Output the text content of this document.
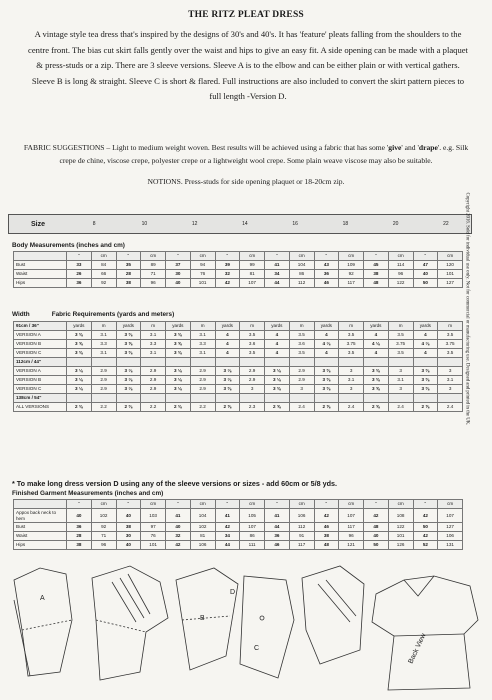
THE RITZ PLEAT DRESS
A vintage style tea dress that's inspired by the designs of 30's and 40's. It has 'feature' pleats falling from the shoulders to the centre front. The bias cut skirt falls gently over the waist and hips to give an easy fit. A side opening can be made with a plaquet & press-studs or a zip. There are 3 sleeve versions. Sleeve A is to the elbow and can be either plain or with vertical gathers. Sleeve B is long & straight. Sleeve C is short & flared. Full instructions are also included to convert the skirt pattern pieces to full length -Version D.
FABRIC SUGGESTIONS – Light to medium weight woven. Best results will be achieved using a fabric that has some 'give' and 'drape'. e.g. Silk crepe de chine, viscose crepe, polyester crepe or a lightweight wool crepe. Some plain weave viscose may also be suitable.
NOTIONS. Press-studs for side opening plaquet or 18-20cm zip.
Size	8	10	12	14	16	18	20	22
Body Measurements (inches and cm)
	"	cm	"	cm	"	cm	"	cm	"	cm	"	cm	"	cm	"	cm
Bust	33	84	35	89	37	94	39	99	41	104	43	109	45	114	47	120
Waist	26	66	28	71	30	76	32	81	34	86	36	92	38	96	40	101
Hips	36	92	38	96	40	101	42	107	44	112	46	117	48	122	50	127
Width	Fabric Requirements (yards and meters)
91cm / 36"	yards	m	yards	m	yards	m	yards	m	yards	m	yards	m	yards	m	yards	m
VERSION A	3 ⅜	3.1	3 ⅜	3.1	3 ⅜	3.1	4	3.5	4	3.5	4	3.5	4	3.5	4	3.5
VERSION B	3 ⅝	3.3	3 ⅝	3.3	3 ⅝	3.3	4	3.6	4	3.6	4 ⅛	3.75	4 ⅛	3.75	4 ⅛	3.75
VERSION C	3 ⅜	3.1	3 ⅜	3.1	3 ⅜	3.1	4	3.5	4	3.5	4	3.5	4	3.5	4	3.5
112cm / 44"																
VERSION A	3 ⅛	2.9	3 ⅛	2.9	3 ⅛	2.9	3 ⅛	2.9	3 ⅛	2.9	3 ⅜	3	3 ⅜	3	3 ⅜	3
VERSION B	3 ⅛	2.9	3 ⅛	2.9	3 ⅛	2.9	3 ⅛	2.9	3 ⅛	2.9	3 ⅜	3.1	3 ⅜	3.1	3 ⅜	3.1
VERSION C	3 ⅛	2.9	3 ⅛	2.9	3 ⅛	2.9	3 ⅜	3	3 ⅜	3	3 ⅜	3	3 ⅝	3	3 ⅜	3
138cm / 54"																
ALL VERSIONS	2 ⅜	2.2	2 ⅜	2.2	2 ⅜	2.2	2 ⅝	2.3	2 ⅝	2.4	2 ⅝	2.4	2 ⅝	2.4	2 ⅝	2.4
* To make long dress version D using any of the sleeve versions or sizes - add 60cm or 5/8 yds.
Finished Garment Measurements (inches and cm)
	"	cm	"	cm	"	cm	"	cm	"	cm	"	cm	"	cm	"	cm
Appox back neck to hem	40	102	40	103	41	104	41	105	41	106	42	107	42	108	42	107
Bust	36	92	38	97	40	102	42	107	44	112	46	117	48	122	50	127
Waist	28	71	30	76	32	81	34	86	36	91	38	96	40	101	42	106
Hips	38	96	40	101	42	106	44	111	46	117	48	121	50	126	52	131
Copyright 2016. Sold for individual use only. Not for commercial or manufacturing use. Designed and printed in the UK.
A
B
C
D
Back View
